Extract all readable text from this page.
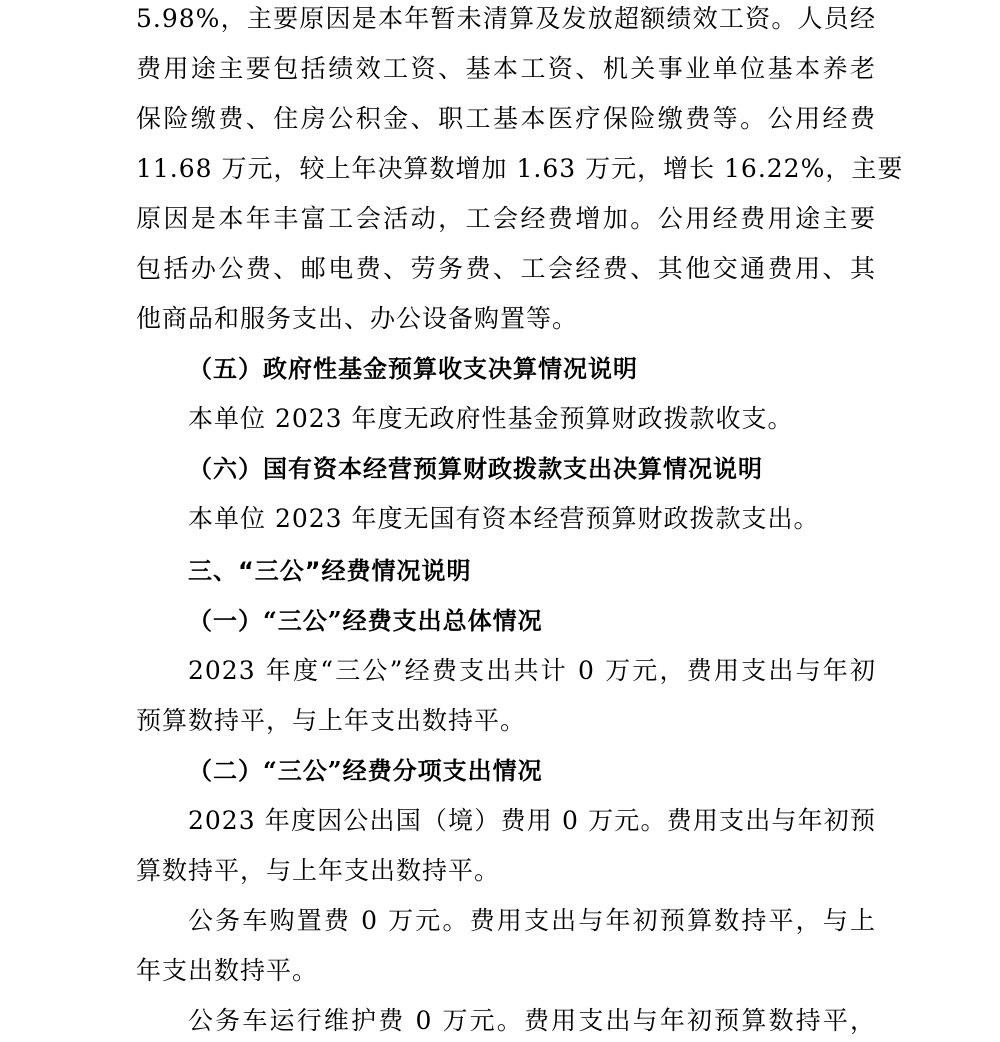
5.98%，主要原因是本年暂未清算及发放超额绩效工资。人员经
费用途主要包括绩效工资、基本工资、机关事业单位基本养老
保险缴费、住房公积金、职工基本医疗保险缴费等。公用经费
11.68 万元，较上年决算数增加 1.63 万元，增长 16.22%，主要
原因是本年丰富工会活动，工会经费增加。公用经费用途主要
包括办公费、邮电费、劳务费、工会经费、其他交通费用、其
他商品和服务支出、办公设备购置等。
（五）政府性基金预算收支决算情况说明
本单位 2023 年度无政府性基金预算财政拨款收支。
（六）国有资本经营预算财政拨款支出决算情况说明
本单位 2023 年度无国有资本经营预算财政拨款支出。
三、“三公”经费情况说明
（一）“三公”经费支出总体情况
2023 年度“三公”经费支出共计 0 万元，费用支出与年初
预算数持平，与上年支出数持平。
（二）“三公”经费分项支出情况
2023 年度因公出国（境）费用 0 万元。费用支出与年初预
算数持平，与上年支出数持平。
公务车购置费 0 万元。费用支出与年初预算数持平，与上
年支出数持平。
公务车运行维护费 0 万元。费用支出与年初预算数持平，
